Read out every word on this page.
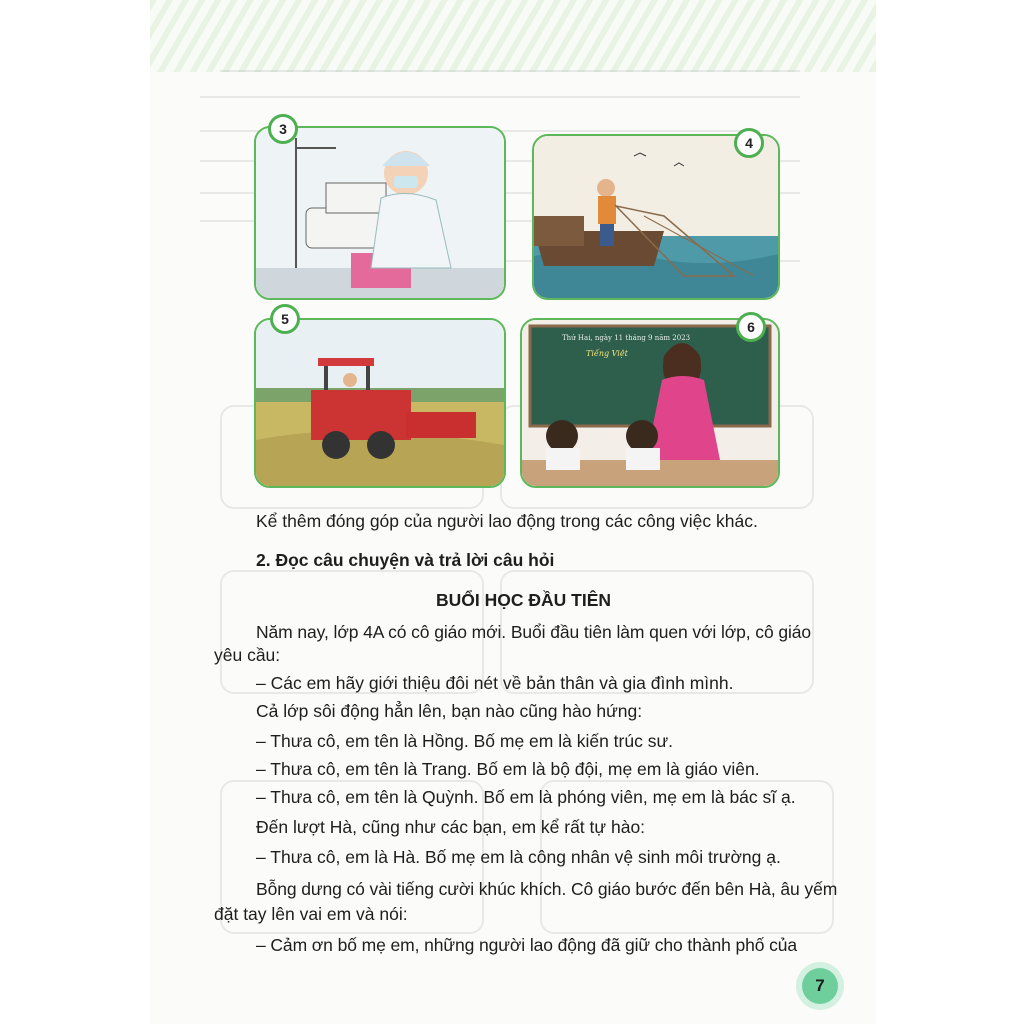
3
4
5	6
Thứ Hai, ngày 11 tháng 9 năm 2023
Tiếng Việt
Kể thêm đóng góp của người lao động trong các công việc khác.
2. Đọc câu chuyện và trả lời câu hỏi
BUỔI HỌC ĐẦU TIÊN
Năm nay, lớp 4A có cô giáo mới. Buổi đầu tiên làm quen với lớp, cô giáo
yêu cầu:
– Các em hãy giới thiệu đôi nét về bản thân và gia đình mình.
Cả lớp sôi động hẳn lên, bạn nào cũng hào hứng:
– Thưa cô, em tên là Hồng. Bố mẹ em là kiến trúc sư.
– Thưa cô, em tên là Trang. Bố em là bộ đội, mẹ em là giáo viên.
– Thưa cô, em tên là Quỳnh. Bố em là phóng viên, mẹ em là bác sĩ ạ.
Đến lượt Hà, cũng như các bạn, em kể rất tự hào:
– Thưa cô, em là Hà. Bố mẹ em là công nhân vệ sinh môi trường ạ.
Bỗng dưng có vài tiếng cười khúc khích. Cô giáo bước đến bên Hà, âu yếm
đặt tay lên vai em và nói:
– Cảm ơn bố mẹ em, những người lao động đã giữ cho thành phố của
7
